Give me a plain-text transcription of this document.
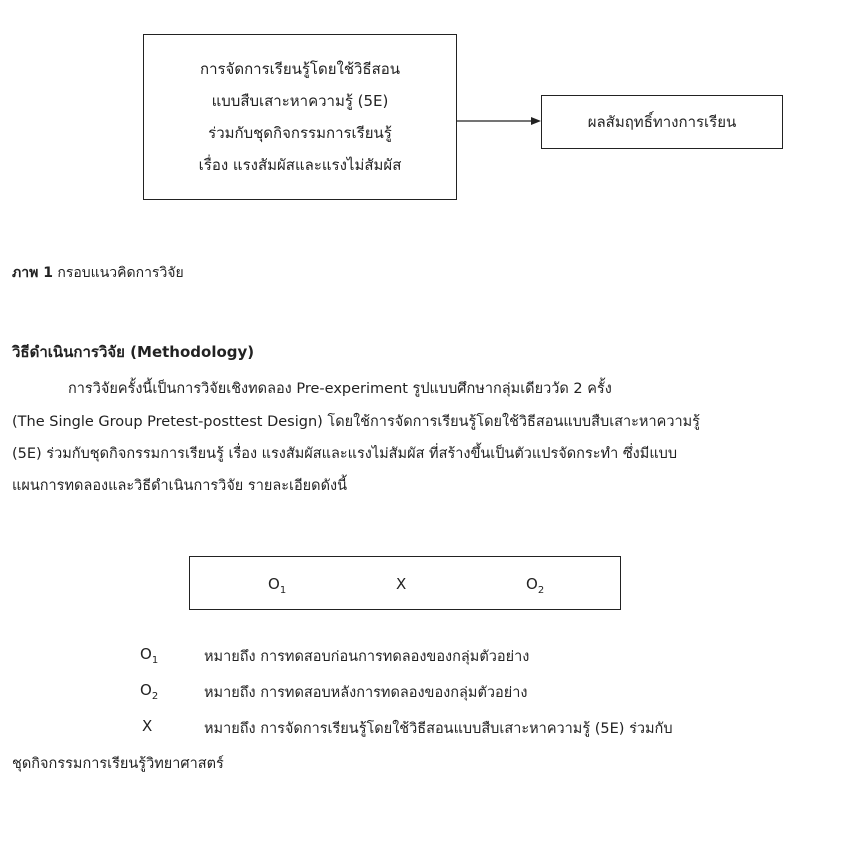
การจัดการเรียนรู้โดยใช้วิธีสอน
แบบสืบเสาะหาความรู้ (5E)
ร่วมกับชุดกิจกรรมการเรียนรู้
เรื่อง แรงสัมผัสและแรงไม่สัมผัส
ผลสัมฤทธิ์ทางการเรียน
ภาพ 1 กรอบแนวคิดการวิจัย
วิธีดำเนินการวิจัย (Methodology)
การวิจัยครั้งนี้เป็นการวิจัยเชิงทดลอง Pre-experiment รูปแบบศึกษากลุ่มเดียววัด 2 ครั้ง
(The Single Group Pretest-posttest Design) โดยใช้การจัดการเรียนรู้โดยใช้วิธีสอนแบบสืบเสาะหาความรู้
(5E) ร่วมกับชุดกิจกรรมการเรียนรู้ เรื่อง แรงสัมผัสและแรงไม่สัมผัส ที่สร้างขึ้นเป็นตัวแปรจัดกระทำ ซึ่งมีแบบ
แผนการทดลองและวิธีดำเนินการวิจัย รายละเอียดดังนี้
$O_1$	X	$O_2$
$O_1$	หมายถึง การทดสอบก่อนการทดลองของกลุ่มตัวอย่าง
$O_2$	หมายถึง การทดสอบหลังการทดลองของกลุ่มตัวอย่าง
X	หมายถึง การจัดการเรียนรู้โดยใช้วิธีสอนแบบสืบเสาะหาความรู้ (5E) ร่วมกับ
ชุดกิจกรรมการเรียนรู้วิทยาศาสตร์
